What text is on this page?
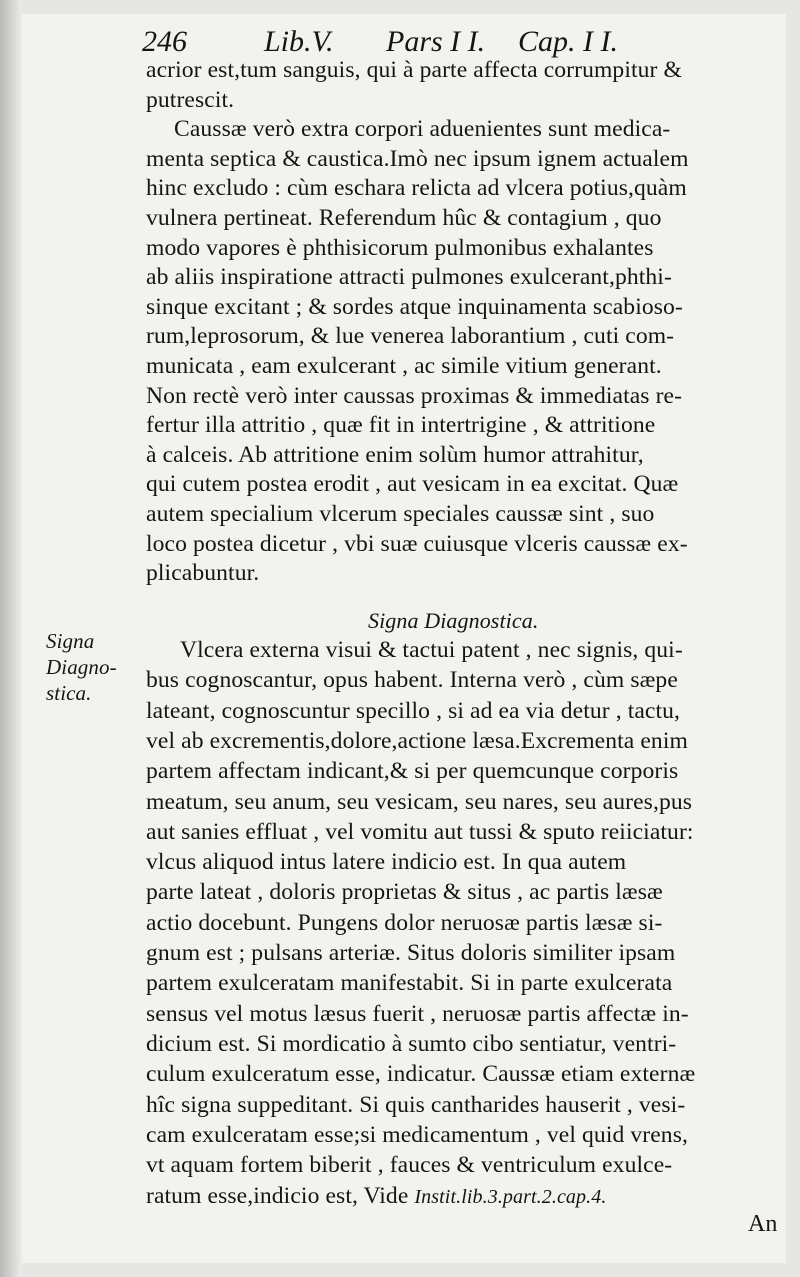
246	Lib.V. Pars I I. Cap. I I.
acrior est,tum sanguis, qui à parte affecta corrumpitur &
putrescit.
Caussæ verò extra corpori aduenientes sunt medica-
menta septica & caustica.Imò nec ipsum ignem actualem
hinc excludo : cùm eschara relicta ad vlcera potius,quàm
vulnera pertineat. Referendum hûc & contagium , quo
modo vapores è phthisicorum pulmonibus exhalantes
ab aliis inspiratione attracti pulmones exulcerant,phthi-
sinque excitant ; & sordes atque inquinamenta scabioso-
rum,leprosorum, & lue venerea laborantium , cuti com-
municata , eam exulcerant , ac simile vitium generant.
Non rectè verò inter caussas proximas & immediatas re-
fertur illa attritio , quæ fit in intertrigine , & attritione
à calceis. Ab attritione enim solùm humor attrahitur,
qui cutem postea erodit , aut vesicam in ea excitat. Quæ
autem specialium vlcerum speciales caussæ sint , suo
loco postea dicetur , vbi suæ cuiusque vlceris caussæ ex-
plicabuntur.
Signa Diagnostica.
Signa
Diagno-
stica.
Vlcera externa visui & tactui patent , nec signis, qui-
bus cognoscantur, opus habent. Interna verò , cùm sæpe
lateant, cognoscuntur specillo , si ad ea via detur , tactu,
vel ab excrementis,dolore,actione læsa.Excrementa enim
partem affectam indicant,& si per quemcunque corporis
meatum, seu anum, seu vesicam, seu nares, seu aures,pus
aut sanies effluat , vel vomitu aut tussi & sputo reiiciatur:
vlcus aliquod intus latere indicio est. In qua autem
parte lateat , doloris proprietas & situs , ac partis læsæ
actio docebunt. Pungens dolor neruosæ partis læsæ si-
gnum est ; pulsans arteriæ. Situs doloris similiter ipsam
partem exulceratam manifestabit. Si in parte exulcerata
sensus vel motus læsus fuerit , neruosæ partis affectæ in-
dicium est. Si mordicatio à sumto cibo sentiatur, ventri-
culum exulceratum esse, indicatur. Caussæ etiam externæ
hîc signa suppeditant. Si quis cantharides hauserit , vesi-
cam exulceratam esse;si medicamentum , vel quid vrens,
vt aquam fortem biberit , fauces & ventriculum exulce-
ratum esse,indicio est, Vide Instit.lib.3.part.2.cap.4.
An
